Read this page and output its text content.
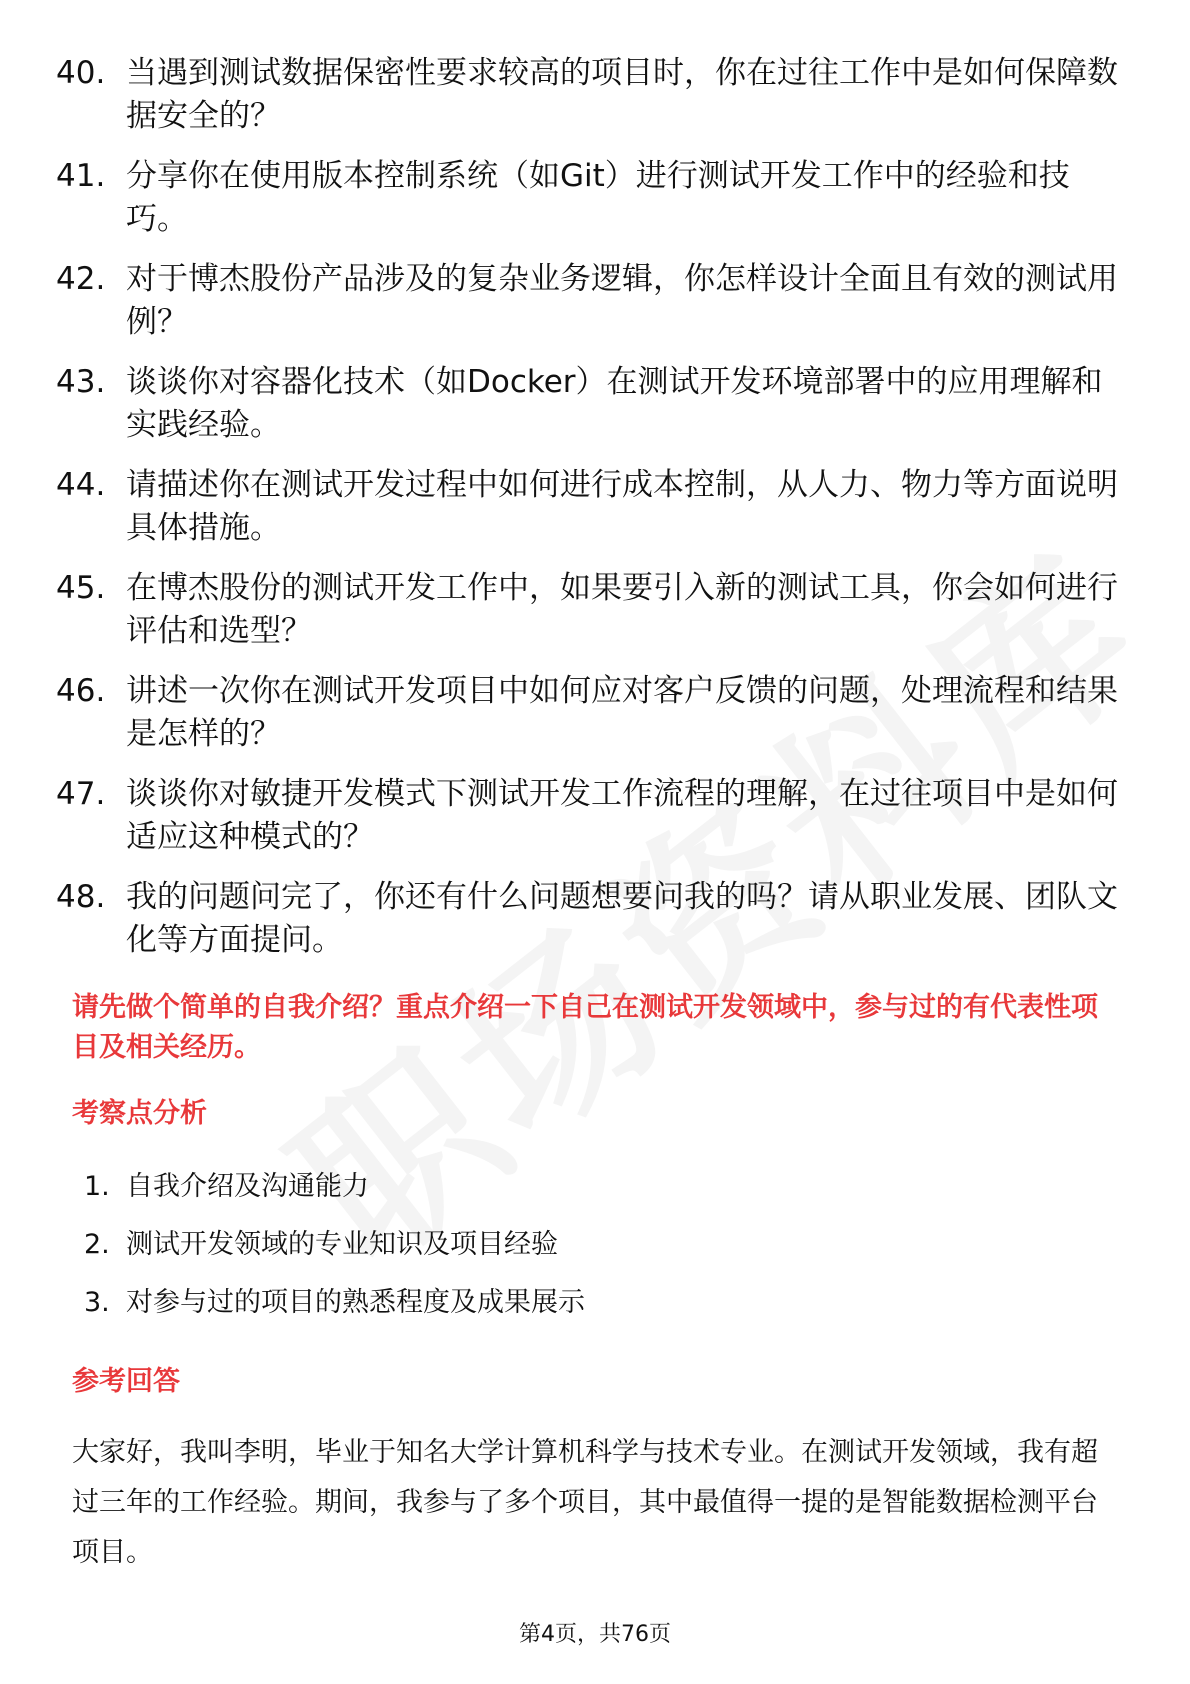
40. 当遇到测试数据保密性要求较高的项目时，你在过往工作中是如何保障数据安全的？
41. 分享你在使用版本控制系统（如Git）进行测试开发工作中的经验和技巧。
42. 对于博杰股份产品涉及的复杂业务逻辑，你怎样设计全面且有效的测试用例？
43. 谈谈你对容器化技术（如Docker）在测试开发环境部署中的应用理解和实践经验。
44. 请描述你在测试开发过程中如何进行成本控制，从人力、物力等方面说明具体措施。
45. 在博杰股份的测试开发工作中，如果要引入新的测试工具，你会如何进行评估和选型？
46. 讲述一次你在测试开发项目中如何应对客户反馈的问题，处理流程和结果是怎样的？
47. 谈谈你对敏捷开发模式下测试开发工作流程的理解，在过往项目中是如何适应这种模式的？
48. 我的问题问完了，你还有什么问题想要问我的吗？请从职业发展、团队文化等方面提问。
请先做个简单的自我介绍？重点介绍一下自己在测试开发领域中，参与过的有代表性项目及相关经历。
考察点分析
1. 自我介绍及沟通能力
2. 测试开发领域的专业知识及项目经验
3. 对参与过的项目的熟悉程度及成果展示
参考回答
大家好，我叫李明，毕业于知名大学计算机科学与技术专业。在测试开发领域，我有超过三年的工作经验。期间，我参与了多个项目，其中最值得一提的是智能数据检测平台项目。
第4页，共76页
